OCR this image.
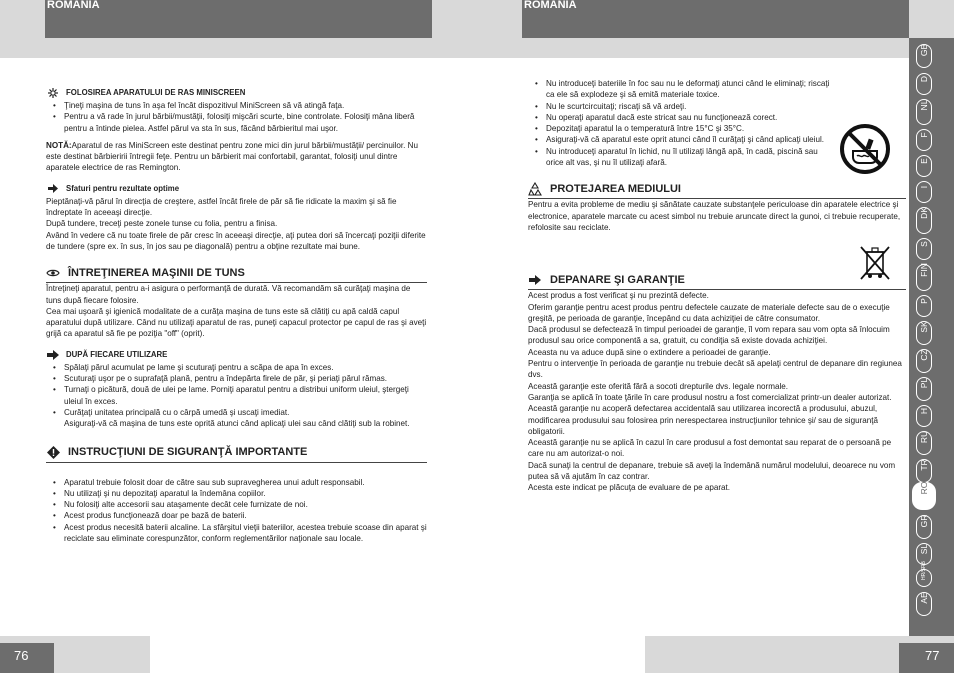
ROMANIA	ROMANIA

FOLOSIREA APARATULUI DE RAS MINISCREEN

• Ţineţi maşina de tuns în aşa fel încât dispozitivul MiniScreen să vă atingă faţa.
• Pentru a vă rade în jurul bărbii/mustăţii, folosiţi mişcări scurte, bine controlate. Folosiţi mâna liberă pentru a întinde pielea. Astfel părul va sta în sus, făcând bărbieritul mai uşor.

NOTĂ:Aparatul de ras MiniScreen este destinat pentru zone mici din jurul bărbii/mustăţii/ percinuilor. Nu este destinat bărbieririi întregii feţe. Pentru un bărbierit mai confortabil, garantat, folosiţi unul dintre aparatele electrice de ras Remington.

Sfaturi pentru rezultate optime

Pieptănaţi-vă părul în direcţia de creştere, astfel încât firele de păr să fie ridicate la maxim şi să fie îndreptate în aceeaşi direcţie.

După tundere, treceţi peste zonele tunse cu folia, pentru a finisa.

Având în vedere că nu toate firele de păr cresc în aceeaşi direcţie, aţi putea dori să încercaţi poziţii diferite de tundere (spre ex. în sus, în jos sau pe diagonală) pentru a obţine rezultate mai bune.

ÎNTREŢINEREA MAŞINII DE TUNS

Întreţineţi aparatul, pentru a-i asigura o performanţă de durată. Vă recomandăm să curăţaţi maşina de tuns după fiecare folosire.

Cea mai uşoară şi igienică modalitate de a curăţa maşina de tuns este să clătiţi cu apă caldă capul aparatului după utilizare. Când nu utilizaţi aparatul de ras, puneţi capacul protector pe capul de ras şi aveţi grijă ca aparatul să fie pe poziţia "off" (oprit).

DUPĂ FIECARE UTILIZARE

• Spălaţi părul acumulat pe lame şi scuturaţi pentru a scăpa de apa în exces.
• Scuturaţi uşor pe o suprafaţă plană, pentru a îndepărta firele de păr, şi periaţi părul rămas.
• Turnaţi o picătură, două de ulei pe lame. Porniţi aparatul pentru a distribui uniform uleiul, ştergeţi uleiul în exces.
• Curăţaţi unitatea principală cu o cârpă umedă şi uscaţi imediat.

Asiguraţi-vă că maşina de tuns este oprită atunci când aplicaţi ulei sau când clătiţi sub la robinet.

INSTRUCŢIUNI DE SIGURANŢĂ IMPORTANTE
• Aparatul trebuie folosit doar de către sau sub supravegherea unui adult responsabil.
• Nu utilizaţi şi nu depozitaţi aparatul la îndemâna copiilor.
• Nu folosiţi alte accesorii sau ataşamente decât cele furnizate de noi.
• Acest produs funcţionează doar pe bază de baterii.
• Acest produs necesită baterii alcaline. La sfârşitul vieţii bateriilor, acestea trebuie scoase din aparat şi reciclate sau eliminate corespunzător, conform reglementărilor naţionale sau locale.
• Nu introduceţi bateriile în foc sau nu le deformaţi atunci când le eliminaţi; riscaţi ca ele să explodeze şi să emită materiale toxice.
• Nu le scurtcircuitaţi; riscaţi să vă ardeţi.
• Nu operaţi aparatul dacă este stricat sau nu funcţionează corect.
• Depozitaţi aparatul la o temperatură între 15°C şi 35°C.
• Asiguraţi-vă că aparatul este oprit atunci când îl curăţaţi şi când aplicaţi uleiul.
• Nu introduceţi aparatul în lichid, nu îl utilizaţi lângă apă, în cadă, piscină sau orice alt vas, şi nu îl utilizaţi afară.
PROTEJAREA MEDIULUI

Pentru a evita probleme de mediu şi sănătate cauzate substanţele periculoase din aparatele electrice şi electronice, aparatele marcate cu acest simbol nu trebuie aruncate direct la gunoi, ci trebuie recuperate, refolosite sau reciclate.

DEPANARE ŞI GARANŢIE

Acest produs a fost verificat şi nu prezintă defecte.

Oferim garanţie pentru acest produs pentru defectele cauzate de materiale defecte sau de o execuţie greşită, pe perioada de garanţie, începând cu data achiziţiei de către consumator.

Dacă produsul se defectează în timpul perioadei de garanţie, îl vom repara sau vom opta să înlocuim produsul sau orice componentă a sa, gratuit, cu condiţia să existe dovada achiziţiei.

Aceasta nu va aduce după sine o extindere a perioadei de garanţie.

Pentru o intervenţie în perioada de garanţie nu trebuie decât să apelaţi centrul de depanare din regiunea dvs.

Această garanţie este oferită fără a socoti drepturile dvs. legale normale.

Garanţia se aplică în toate ţările în care produsul nostru a fost comercializat printr-un dealer autorizat.

Această garanţie nu acoperă defectarea accidentală sau utilizarea incorectă a produsului, abuzul, modificarea produsului sau folosirea prin nerespectarea instrucţiunilor tehnice şi/ sau de siguranţă obligatorii.

Această garanţie nu se aplică în cazul în care produsul a fost demontat sau reparat de o persoană pe care nu am autorizat-o noi.

Dacă sunaţi la centrul de depanare, trebuie să aveţi la îndemână numărul modelului, deoarece nu vom putea să vă ajutăm în caz contrar.

Acesta este indicat pe plăcuţa de evaluare de pe aparat.

GB
D
NL
F
E
I
DK
S
FIN
P
SK
CZ
PL
H
RU
TR
RO
GR
SL
HR/SRB
AE
76	77
